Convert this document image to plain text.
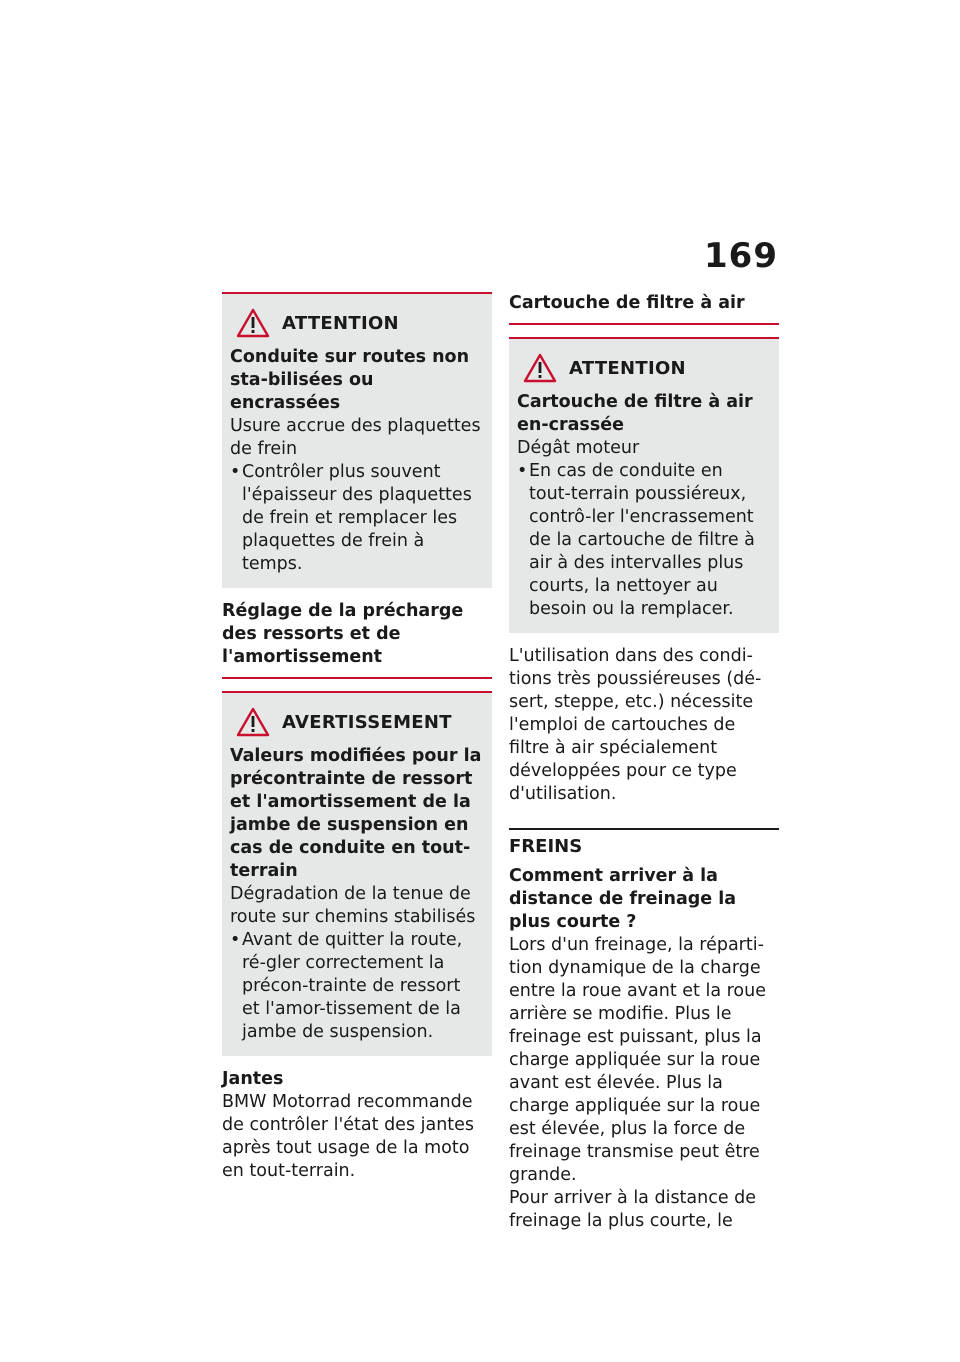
169
ATTENTION
Conduite sur routes non sta-bilisées ou encrassées
Usure accrue des plaquettes de frein
• Contrôler plus souvent l'épaisseur des plaquettes de frein et remplacer les plaquettes de frein à temps.
Réglage de la précharge des ressorts et de l'amortissement
AVERTISSEMENT
Valeurs modifiées pour la précontrainte de ressort et l'amortissement de la jambe de suspension en cas de conduite en tout-terrain
Dégradation de la tenue de route sur chemins stabilisés
• Avant de quitter la route, ré-gler correctement la précon-trainte de ressort et l'amor-tissement de la jambe de suspension.
Jantes
BMW Motorrad recommande de contrôler l'état des jantes après tout usage de la moto en tout-terrain.
Cartouche de filtre à air
ATTENTION
Cartouche de filtre à air en-crassée
Dégât moteur
• En cas de conduite en tout-terrain poussiéreux, contrô-ler l'encrassement de la cartouche de filtre à air à des intervalles plus courts, la nettoyer au besoin ou la remplacer.
L'utilisation dans des condi-tions très poussiéreuses (dé-sert, steppe, etc.) nécessite l'emploi de cartouches de filtre à air spécialement développées pour ce type d'utilisation.
FREINS
Comment arriver à la distance de freinage la plus courte ?
Lors d'un freinage, la réparti-tion dynamique de la charge entre la roue avant et la roue arrière se modifie. Plus le freinage est puissant, plus la charge appliquée sur la roue avant est élevée. Plus la charge appliquée sur la roue est élevée, plus la force de freinage transmise peut être grande.
Pour arriver à la distance de freinage la plus courte, le
